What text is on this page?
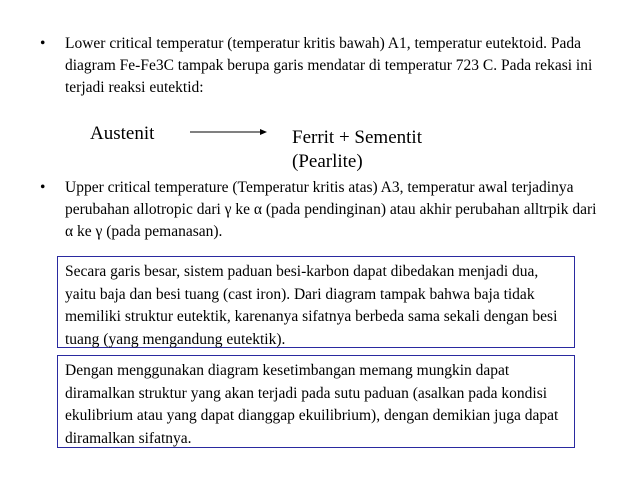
• Lower critical temperatur (temperatur kritis bawah) A1, temperatur eutektoid. Pada diagram Fe-Fe3C tampak berupa garis mendatar di temperatur 723 C. Pada rekasi ini terjadi reaksi eutektid:
Austenit	Ferrit + Sementit
(Pearlite)
• Upper critical temperature (Temperatur kritis atas) A3, temperatur awal terjadinya perubahan allotropic dari γ ke α (pada pendinginan) atau akhir perubahan alltrpik dari α ke γ (pada pemanasan).
Secara garis besar, sistem paduan besi-karbon dapat dibedakan menjadi dua, yaitu baja dan besi tuang (cast iron). Dari diagram tampak bahwa baja tidak memiliki struktur eutektik, karenanya sifatnya berbeda sama sekali dengan besi tuang (yang mengandung eutektik).
Dengan menggunakan diagram kesetimbangan memang mungkin dapat diramalkan struktur yang akan terjadi pada sutu paduan (asalkan pada kondisi ekulibrium atau yang dapat dianggap ekuilibrium), dengan demikian juga dapat diramalkan sifatnya.
